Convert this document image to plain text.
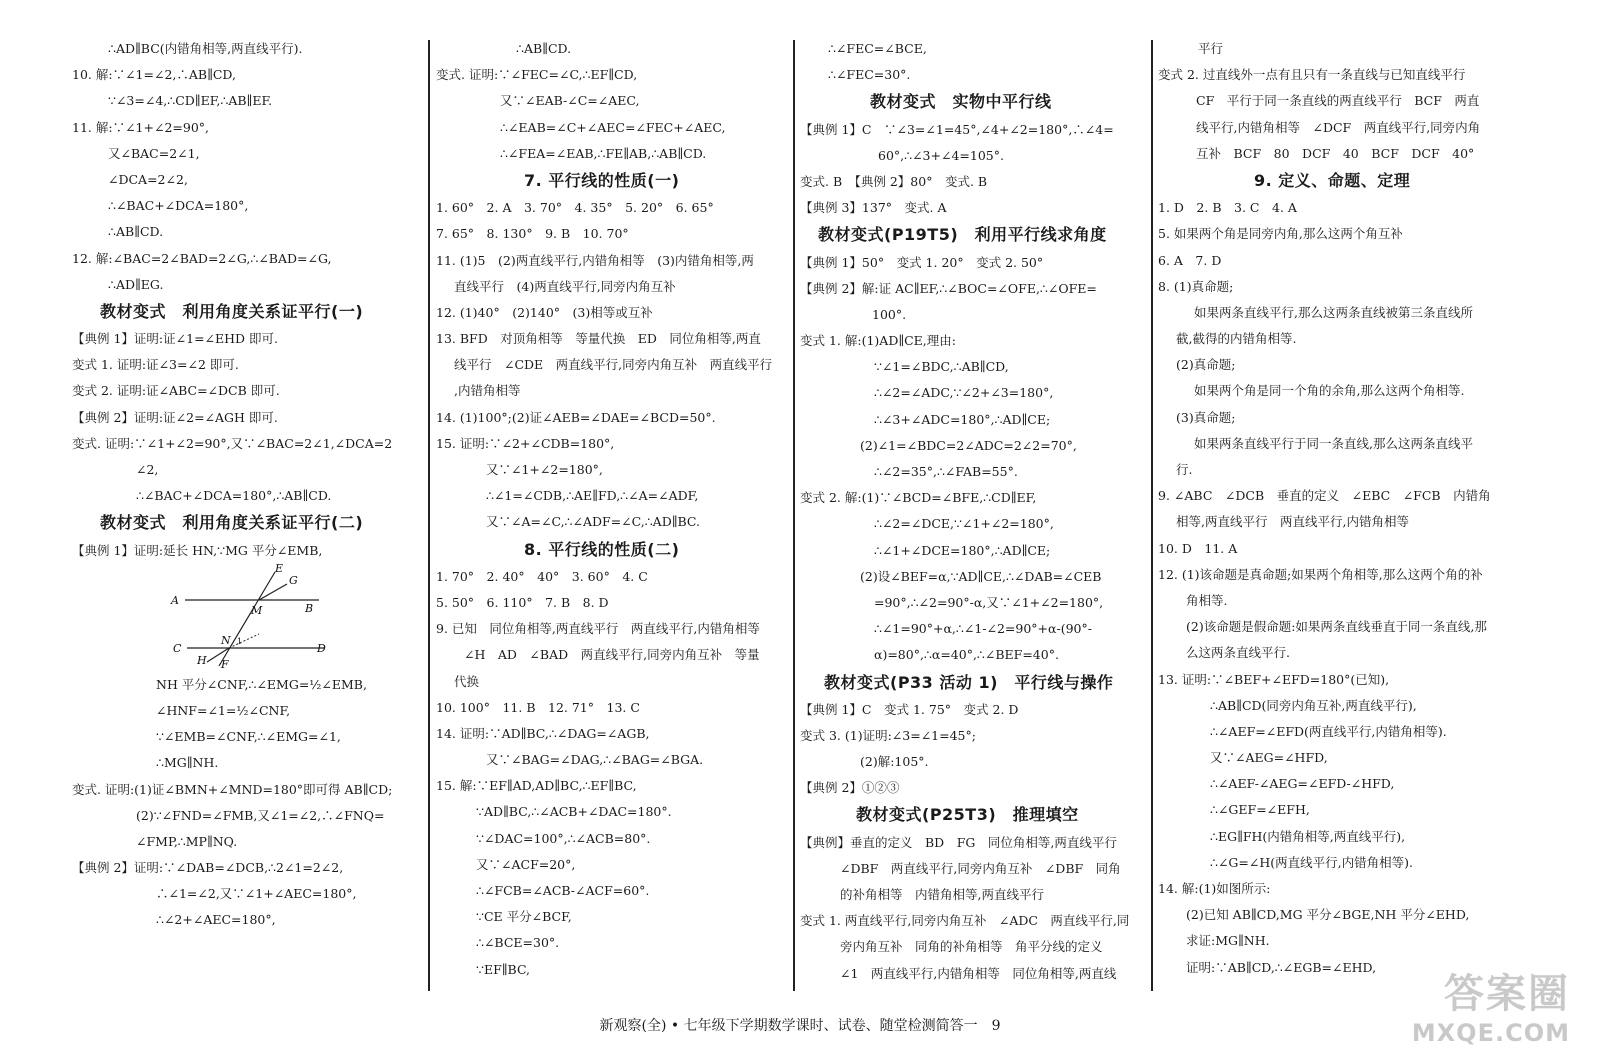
∴AD∥BC(内错角相等,两直线平行).
10. 解:∵∠1=∠2,∴AB∥CD,
∵∠3=∠4,∴CD∥EF,∴AB∥EF.
11. 解:∵∠1+∠2=90°,
又∠BAC=2∠1,
∠DCA=2∠2,
∴∠BAC+∠DCA=180°,
∴AB∥CD.
12. 解:∠BAC=2∠BAD=2∠G,∴∠BAD=∠G,
∴AD∥EG.
教材变式　利用角度关系证平行(一)
【典例 1】证明:证∠1=∠EHD 即可.
变式 1. 证明:证∠3=∠2 即可.
变式 2. 证明:证∠ABC=∠DCB 即可.
【典例 2】证明:证∠2=∠AGH 即可.
变式. 证明:∵∠1+∠2=90°,又∵∠BAC=2∠1,∠DCA=2
∠2,
∴∠BAC+∠DCA=180°,∴AB∥CD.
教材变式　利用角度关系证平行(二)
【典例 1】证明:延长 HN,∵MG 平分∠EMB,
E
G
A
M	B
N 1
C	D
H F
NH 平分∠CNF,∴∠EMG=½∠EMB,
∠HNF=∠1=½∠CNF,
∵∠EMB=∠CNF,∴∠EMG=∠1,
∴MG∥NH.
变式. 证明:(1)证∠BMN+∠MND=180°即可得 AB∥CD;
(2)∵∠FND=∠FMB,又∠1=∠2,∴∠FNQ=
∠FMP,∴MP∥NQ.
【典例 2】证明:∵∠DAB=∠DCB,∴2∠1=2∠2,
∴∠1=∠2,又∵∠1+∠AEC=180°,
∴∠2+∠AEC=180°,
∴AB∥CD.
变式. 证明:∵∠FEC=∠C,∴EF∥CD,
又∵∠EAB-∠C=∠AEC,
∴∠EAB=∠C+∠AEC=∠FEC+∠AEC,
∴∠FEA=∠EAB,∴FE∥AB,∴AB∥CD.
7. 平行线的性质(一)
1. 60°　2. A　3. 70°　4. 35°　5. 20°　6. 65°
7. 65°　8. 130°　9. B　10. 70°
11. (1)5　(2)两直线平行,内错角相等　(3)内错角相等,两
直线平行　(4)两直线平行,同旁内角互补
12. (1)40°　(2)140°　(3)相等或互补
13. BFD　对顶角相等　等量代换　ED　同位角相等,两直
线平行　∠CDE　两直线平行,同旁内角互补　两直线平行
,内错角相等
14. (1)100°;(2)证∠AEB=∠DAE=∠BCD=50°.
15. 证明:∵∠2+∠CDB=180°,
又∵∠1+∠2=180°,
∴∠1=∠CDB,∴AE∥FD,∴∠A=∠ADF,
又∵∠A=∠C,∴∠ADF=∠C,∴AD∥BC.
8. 平行线的性质(二)
1. 70°　2. 40°　40°　3. 60°　4. C
5. 50°　6. 110°　7. B　8. D
9. 已知　同位角相等,两直线平行　两直线平行,内错角相等
∠H　AD　∠BAD　两直线平行,同旁内角互补　等量
代换
10. 100°　11. B　12. 71°　13. C
14. 证明:∵AD∥BC,∴∠DAG=∠AGB,
又∵∠BAG=∠DAG,∴∠BAG=∠BGA.
15. 解:∵EF∥AD,AD∥BC,∴EF∥BC,
∵AD∥BC,∴∠ACB+∠DAC=180°.
∵∠DAC=100°,∴∠ACB=80°.
又∵∠ACF=20°,
∴∠FCB=∠ACB-∠ACF=60°.
∵CE 平分∠BCF,
∴∠BCE=30°.
∵EF∥BC,
∴∠FEC=∠BCE,
∴∠FEC=30°.
教材变式　实物中平行线
【典例 1】C　∵∠3=∠1=45°,∠4+∠2=180°,∴∠4=
60°,∴∠3+∠4=105°.
变式. B　【典例 2】80°　变式. B
【典例 3】137°　变式. A
教材变式(P19T5)　利用平行线求角度
【典例 1】50°　变式 1. 20°　变式 2. 50°
【典例 2】解:证 AC∥EF,∴∠BOC=∠OFE,∴∠OFE=
100°.
变式 1. 解:(1)AD∥CE,理由:
∵∠1=∠BDC,∴AB∥CD,
∴∠2=∠ADC,∵∠2+∠3=180°,
∴∠3+∠ADC=180°,∴AD∥CE;
(2)∠1=∠BDC=2∠ADC=2∠2=70°,
∴∠2=35°,∴∠FAB=55°.
变式 2. 解:(1)∵∠BCD=∠BFE,∴CD∥EF,
∴∠2=∠DCE,∵∠1+∠2=180°,
∴∠1+∠DCE=180°,∴AD∥CE;
(2)设∠BEF=α,∵AD∥CE,∴∠DAB=∠CEB
=90°,∴∠2=90°-α,又∵∠1+∠2=180°,
∴∠1=90°+α,∴∠1-∠2=90°+α-(90°-
α)=80°,∴α=40°,∴∠BEF=40°.
教材变式(P33 活动 1)　平行线与操作
【典例 1】C　变式 1. 75°　变式 2. D
变式 3. (1)证明:∠3=∠1=45°;
(2)解:105°.
【典例 2】①②③
教材变式(P25T3)　推理填空
【典例】垂直的定义　BD　FG　同位角相等,两直线平行
∠DBF　两直线平行,同旁内角互补　∠DBF　同角
的补角相等　内错角相等,两直线平行
变式 1. 两直线平行,同旁内角互补　∠ADC　两直线平行,同
旁内角互补　同角的补角相等　角平分线的定义
∠1　两直线平行,内错角相等　同位角相等,两直线
平行
变式 2. 过直线外一点有且只有一条直线与已知直线平行
CF　平行于同一条直线的两直线平行　BCF　两直
线平行,内错角相等　∠DCF　两直线平行,同旁内角
互补　BCF　80　DCF　40　BCF　DCF　40°
9. 定义、命题、定理
1. D　2. B　3. C　4. A
5. 如果两个角是同旁内角,那么这两个角互补
6. A　7. D
8. (1)真命题;
如果两条直线平行,那么这两条直线被第三条直线所
截,截得的内错角相等.
(2)真命题;
如果两个角是同一个角的余角,那么这两个角相等.
(3)真命题;
如果两条直线平行于同一条直线,那么这两条直线平
行.
9. ∠ABC　∠DCB　垂直的定义　∠EBC　∠FCB　内错角
相等,两直线平行　两直线平行,内错角相等
10. D　11. A
12. (1)该命题是真命题;如果两个角相等,那么这两个角的补
角相等.
(2)该命题是假命题:如果两条直线垂直于同一条直线,那
么这两条直线平行.
13. 证明:∵∠BEF+∠EFD=180°(已知),
∴AB∥CD(同旁内角互补,两直线平行),
∴∠AEF=∠EFD(两直线平行,内错角相等).
又∵∠AEG=∠HFD,
∴∠AEF-∠AEG=∠EFD-∠HFD,
∴∠GEF=∠EFH,
∴EG∥FH(内错角相等,两直线平行),
∴∠G=∠H(两直线平行,内错角相等).
14. 解:(1)如图所示:
(2)已知 AB∥CD,MG 平分∠BGE,NH 平分∠EHD,
求证:MG∥NH.
证明:∵AB∥CD,∴∠EGB=∠EHD,
新观察(全) • 七年级下学期数学课时、试卷、随堂检测简答一　9
答案圈
MXQE.COM
